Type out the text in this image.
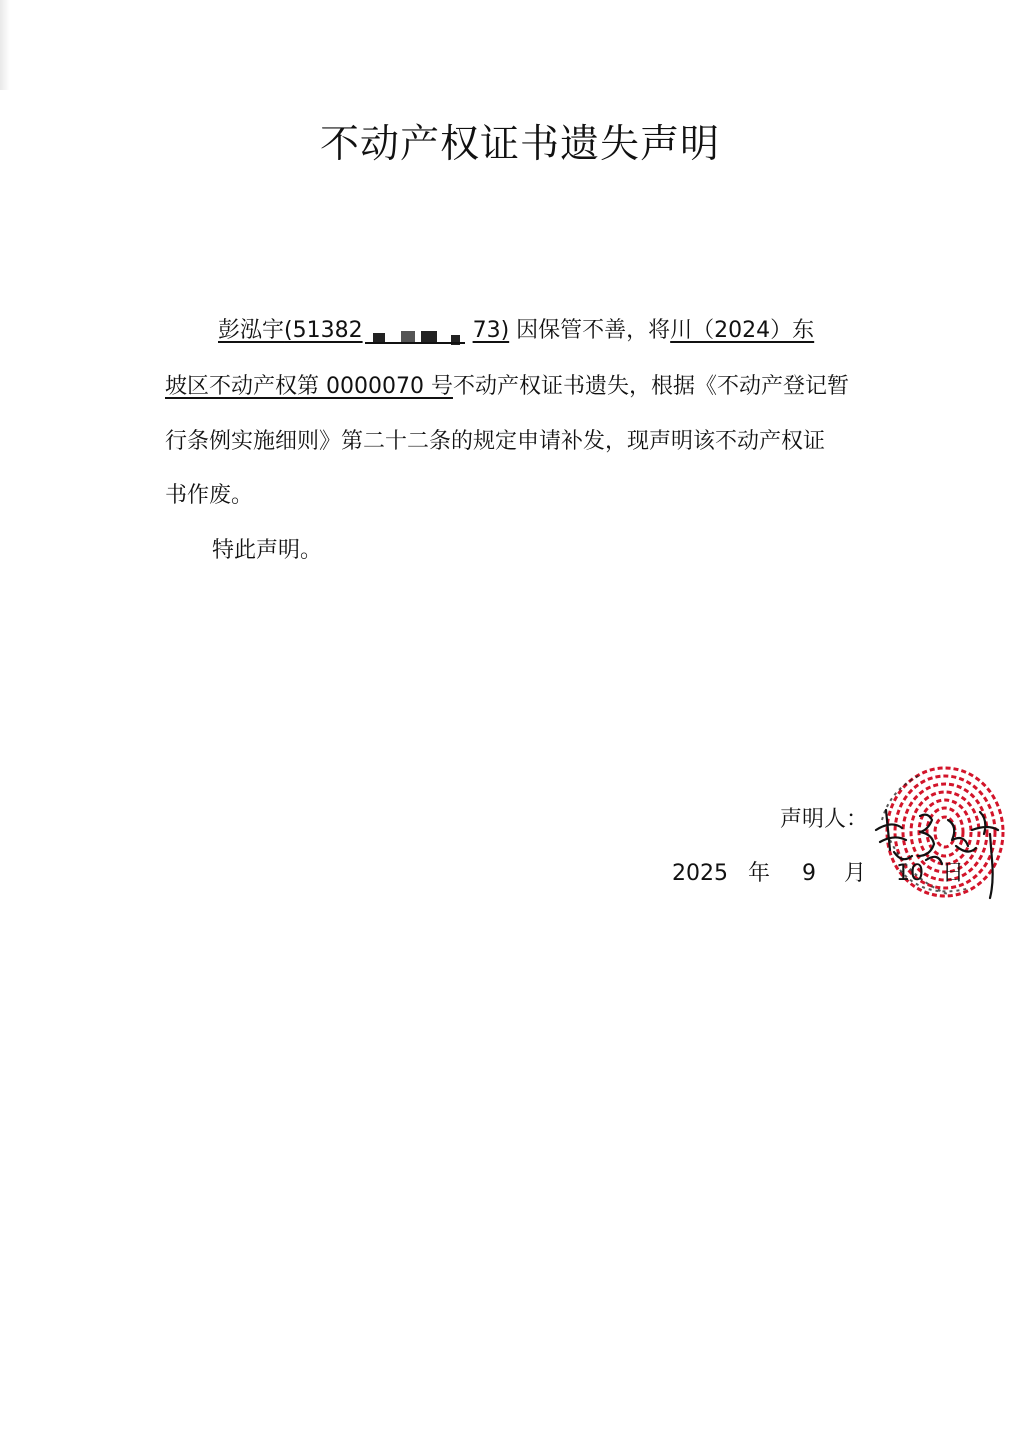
不动产权证书遗失声明
彭泓宇(51382	73) 因保管不善，将川（2024）东
坡区不动产权第 0000070 号不动产权证书遗失，根据《不动产登记暂
行条例实施细则》第二十二条的规定申请补发，现声明该不动产权证
书作废。
特此声明。
声明人：
2025 年 9 月 10 日
